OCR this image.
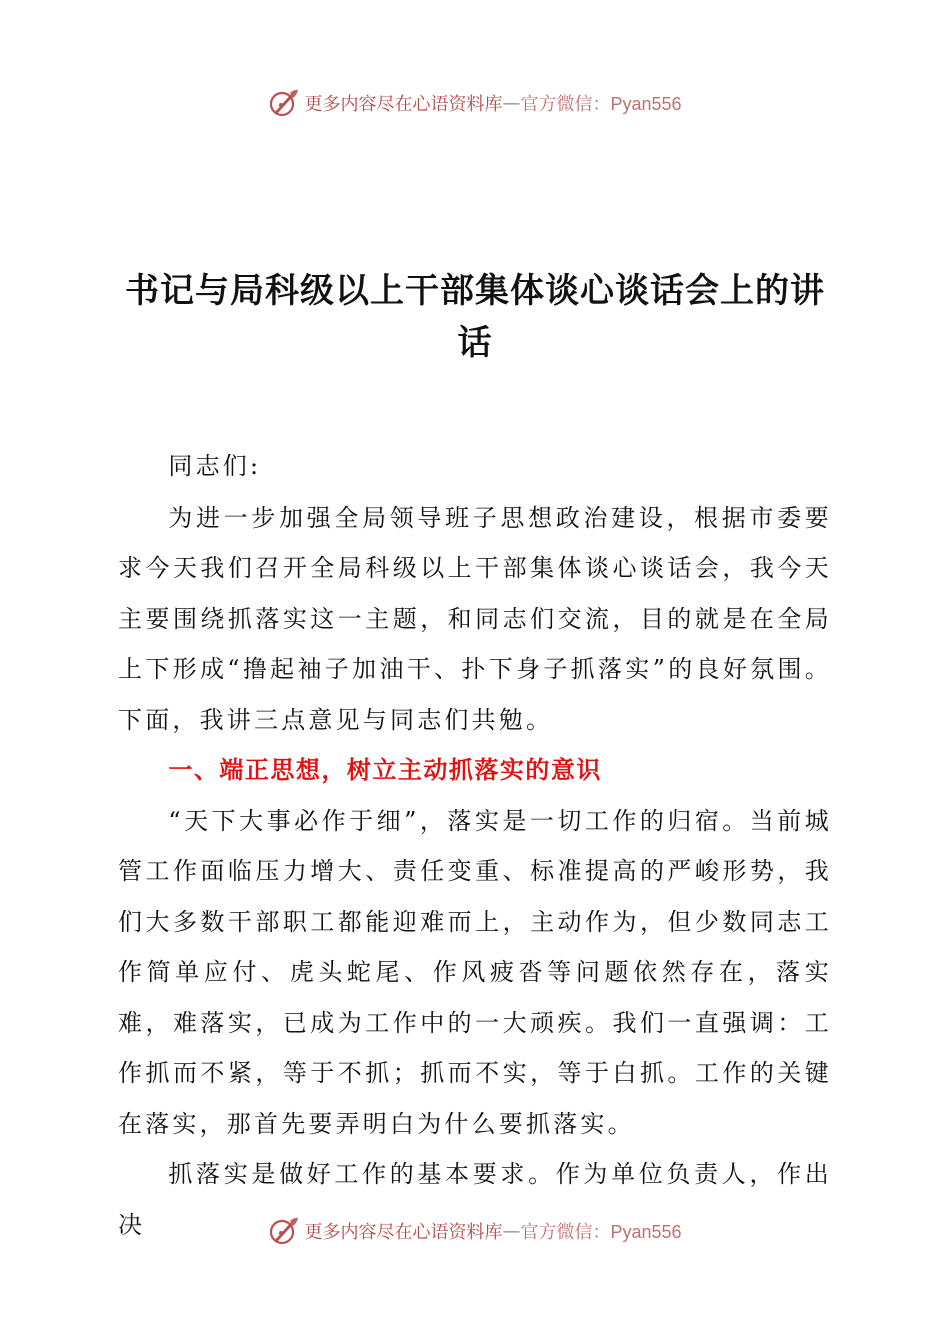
更多内容尽在心语资料库 — 官方微信：Pyan556
书记与局科级以上干部集体谈心谈话会上的讲话

同志们:

为进一步加强全局领导班子思想政治建设，根据市委要求今天我们召开全局科级以上干部集体谈心谈话会，我今天主要围绕抓落实这一主题，和同志们交流，目的就是在全局上下形成“撸起袖子加油干、扑下身子抓落实”的良好氛围。下面，我讲三点意见与同志们共勉。

一、端正思想，树立主动抓落实的意识

“天下大事必作于细”，落实是一切工作的归宿。当前城管工作面临压力增大、责任变重、标准提高的严峻形势，我们大多数干部职工都能迎难而上，主动作为，但少数同志工作简单应付、虎头蛇尾、作风疲沓等问题依然存在，落实难，难落实，已成为工作中的一大顽疾。我们一直强调：工作抓而不紧，等于不抓；抓而不实，等于白抓。工作的关键在落实，那首先要弄明白为什么要抓落实。

抓落实是做好工作的基本要求。作为单位负责人，作出决	更多内容尽在心语资料库 — 官方微信：Pyan556
